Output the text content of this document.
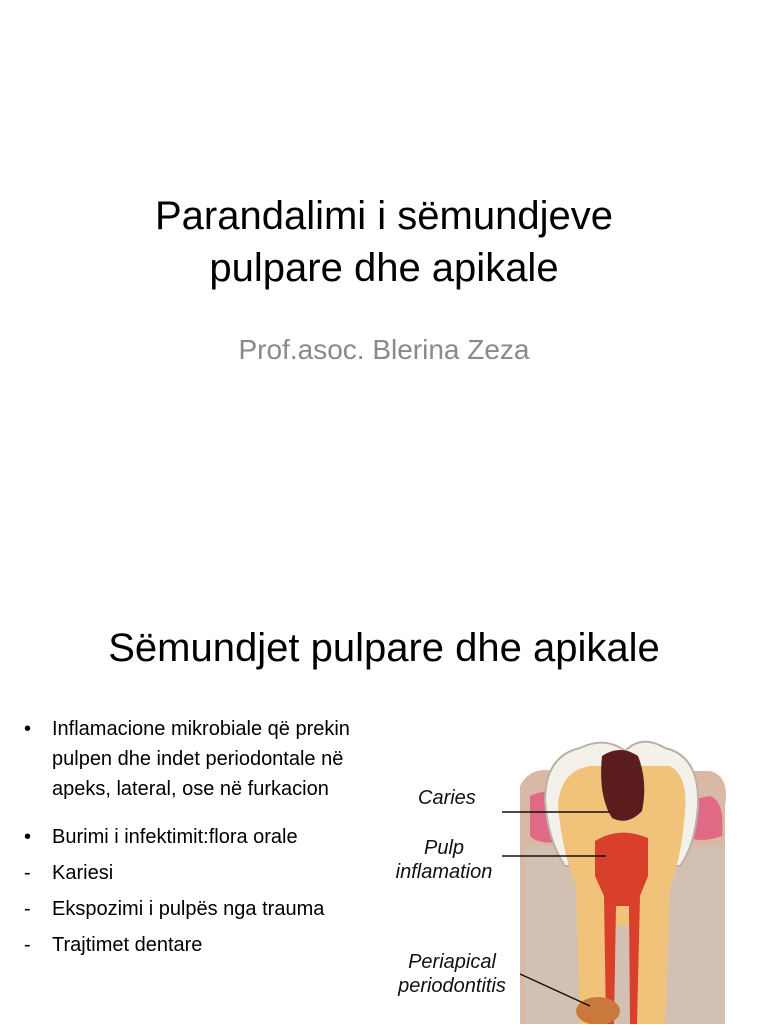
Parandalimi i sëmundjeve
pulpare dhe apikale
Prof.asoc. Blerina Zeza
Sëmundjet pulpare dhe apikale
•	Inflamacione mikrobiale që prekin pulpen dhe indet periodontale në apeks, lateral, ose në furkacion
•	Burimi i infektimit:flora orale
-	Kariesi
-	Ekspozimi i pulpës nga trauma
-	Trajtimet dentare
Caries
Pulp
inflamation
Periapical
periodontitis
